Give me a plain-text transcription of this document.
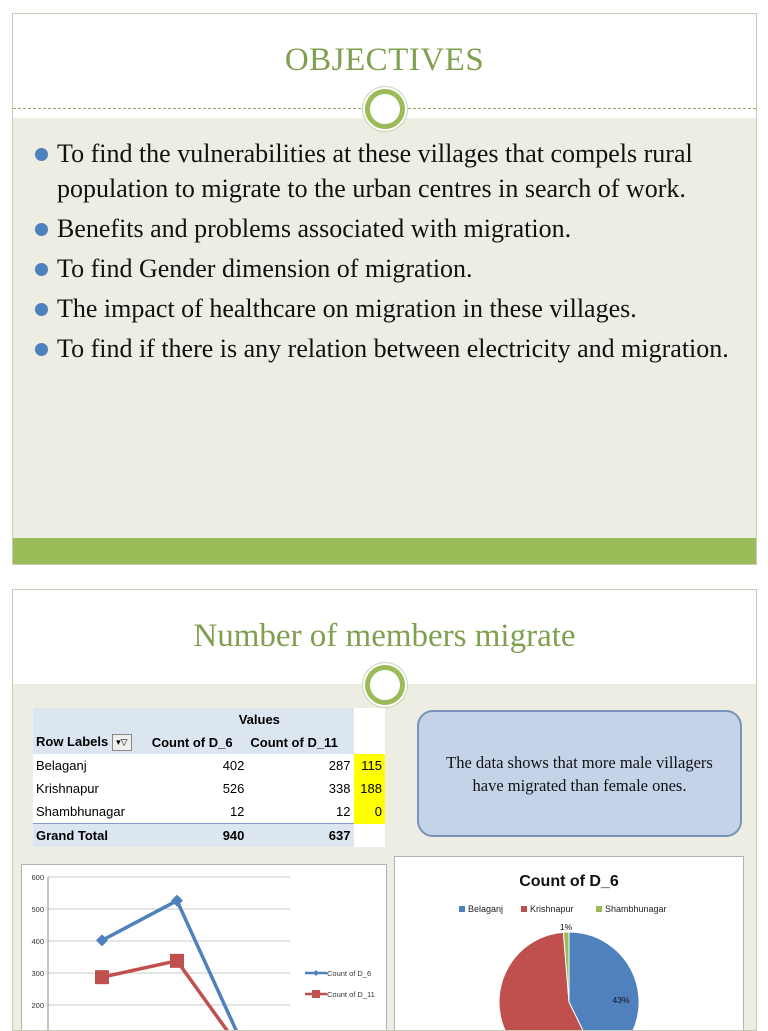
OBJECTIVES
To find the vulnerabilities at these villages that compels rural population to migrate to the urban centres in search of work.
Benefits and problems associated with migration.
To find Gender dimension of migration.
The impact of healthcare on migration in these villages.
To find if there is any relation between electricity and migration.
Number of members migrate
	Values		
Row Labels ▾▽	Count of D_6	Count of D_11	
Belaganj	402	287	115
Krishnapur	526	338	188
Shambhunagar	12	12	0
Grand Total	940	637	
The data shows that more male villagers have migrated than female ones.
600
500
400
300
200
Count of D_6
Count of D_11
Count of D_6
Belaganj	Krishnapur	Shambhunagar
43%
1%
